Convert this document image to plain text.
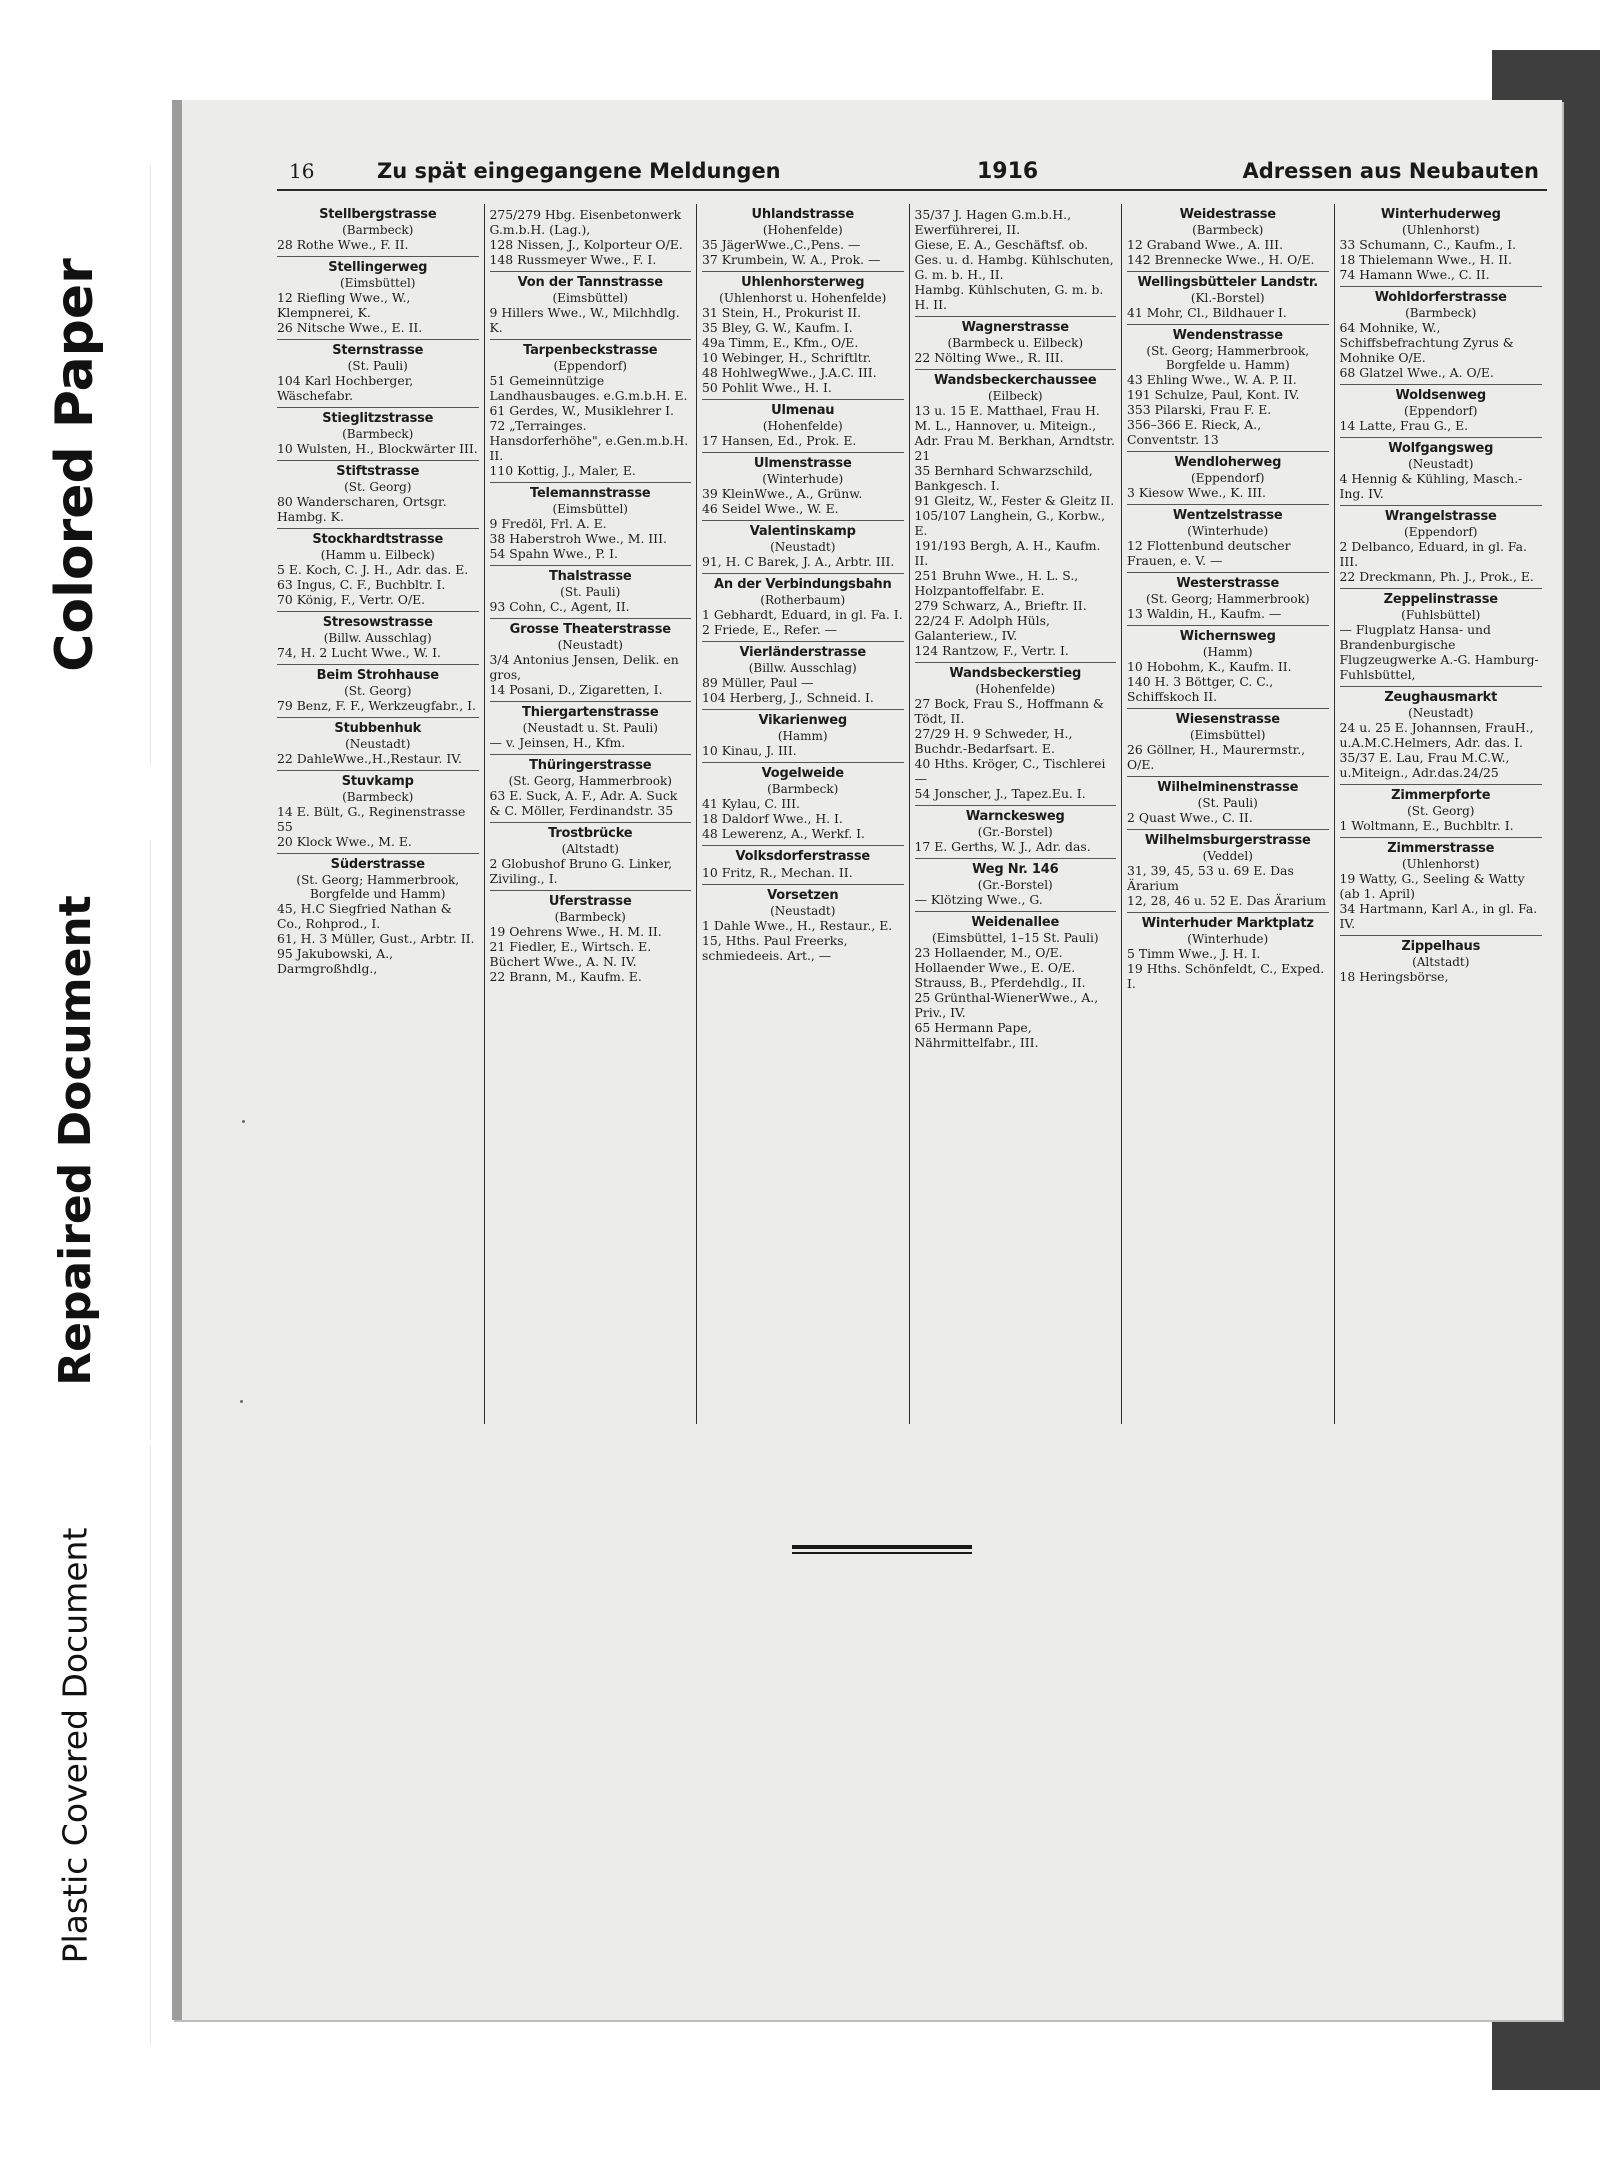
Colored Paper
Repaired Document
Plastic Covered Document
16	Zu spät eingegangene Meldungen	1916	Adressen aus Neubauten
Stellbergstrasse
(Barmbeck)
28 Rothe Wwe., F. II.
Stellingerweg
(Eimsbüttel)
12 Riefling Wwe., W., Klempnerei, K.
26 Nitsche Wwe., E. II.
Sternstrasse
(St. Pauli)
104 Karl Hochberger, Wäschefabr.
Stieglitzstrasse
(Barmbeck)
10 Wulsten, H., Blockwärter III.
Stiftstrasse
(St. Georg)
80 Wanderscharen, Ortsgr. Hambg. K.
Stockhardtstrasse
(Hamm u. Eilbeck)
5 E. Koch, C. J. H., Adr. das. E.
63 Ingus, C. F., Buchbltr. I.
70 König, F., Vertr. O/E.
Stresowstrasse
(Billw. Ausschlag)
74, H. 2 Lucht Wwe., W. I.
Beim Strohhause
(St. Georg)
79 Benz, F. F., Werkzeugfabr., I.
Stubbenhuk
(Neustadt)
22 DahleWwe.,H.,Restaur. IV.
Stuvkamp
(Barmbeck)
14 E. Bült, G., Reginenstrasse 55
20 Klock Wwe., M. E.
Süderstrasse
(St. Georg; Hammerbrook, Borgfelde und Hamm)
45, H.C Siegfried Nathan & Co., Rohprod., I.
61, H. 3 Müller, Gust., Arbtr. II.
95 Jakubowski, A., Darmgroßhdlg.,
275/279 Hbg. Eisenbetonwerk G.m.b.H. (Lag.),
128 Nissen, J., Kolporteur O/E.
148 Russmeyer Wwe., F. I.
Von der Tannstrasse
(Eimsbüttel)
9 Hillers Wwe., W., Milchhdlg. K.
Tarpenbeckstrasse
(Eppendorf)
51 Gemeinnützige Landhausbauges. e.G.m.b.H. E.
61 Gerdes, W., Musiklehrer I.
72 „Terrainges. Hansdorferhöhe", e.Gen.m.b.H. II.
110 Kottig, J., Maler, E.
Telemannstrasse
(Eimsbüttel)
9 Fredöl, Frl. A. E.
38 Haberstroh Wwe., M. III.
54 Spahn Wwe., P. I.
Thalstrasse
(St. Pauli)
93 Cohn, C., Agent, II.
Grosse Theaterstrasse
(Neustadt)
3/4 Antonius Jensen, Delik. en gros,
14 Posani, D., Zigaretten, I.
Thiergartenstrasse
(Neustadt u. St. Pauli)
— v. Jeinsen, H., Kfm.
Thüringerstrasse
(St. Georg, Hammerbrook)
63 E. Suck, A. F., Adr. A. Suck & C. Möller, Ferdinandstr. 35
Trostbrücke
(Altstadt)
2 Globushof Bruno G. Linker, Ziviling., I.
Uferstrasse
(Barmbeck)
19 Oehrens Wwe., H. M. II.
21 Fiedler, E., Wirtsch. E.
Büchert Wwe., A. N. IV.
22 Brann, M., Kaufm. E.
Uhlandstrasse
(Hohenfelde)
35 JägerWwe.,C.,Pens. —
37 Krumbein, W. A., Prok. —
Uhlenhorsterweg
(Uhlenhorst u. Hohenfelde)
31 Stein, H., Prokurist II.
35 Bley, G. W., Kaufm. I.
49a Timm, E., Kfm., O/E.
10 Webinger, H., Schriftltr.
48 HohlwegWwe., J.A.C. III.
50 Pohlit Wwe., H. I.
Ulmenau
(Hohenfelde)
17 Hansen, Ed., Prok. E.
Ulmenstrasse
(Winterhude)
39 KleinWwe., A., Grünw.
46 Seidel Wwe., W. E.
Valentinskamp
(Neustadt)
91, H. C Barek, J. A., Arbtr. III.
An der Verbindungsbahn
(Rotherbaum)
1 Gebhardt, Eduard, in gl. Fa. I.
2 Friede, E., Refer. —
Vierländerstrasse
(Billw. Ausschlag)
89 Müller, Paul —
104 Herberg, J., Schneid. I.
Vikarienweg
(Hamm)
10 Kinau, J. III.
Vogelweide
(Barmbeck)
41 Kylau, C. III.
18 Daldorf Wwe., H. I.
48 Lewerenz, A., Werkf. I.
Volksdorferstrasse
10 Fritz, R., Mechan. II.
Vorsetzen
(Neustadt)
1 Dahle Wwe., H., Restaur., E.
15, Hths. Paul Freerks, schmiedeeis. Art., —
35/37 J. Hagen G.m.b.H., Ewerführerei, II.
Giese, E. A., Geschäftsf. ob. Ges. u. d. Hambg. Kühlschuten, G. m. b. H., II.
Hambg. Kühlschuten, G. m. b. H. II.
Wagnerstrasse
(Barmbeck u. Eilbeck)
22 Nölting Wwe., R. III.
Wandsbeckerchaussee
(Eilbeck)
13 u. 15 E. Matthael, Frau H. M. L., Hannover, u. Miteign., Adr. Frau M. Berkhan, Arndtstr. 21
35 Bernhard Schwarzschild, Bankgesch. I.
91 Gleitz, W., Fester & Gleitz II.
105/107 Langhein, G., Korbw., E.
191/193 Bergh, A. H., Kaufm. II.
251 Bruhn Wwe., H. L. S., Holzpantoffelfabr. E.
279 Schwarz, A., Brieftr. II.
22/24 F. Adolph Hüls, Galanteriew., IV.
124 Rantzow, F., Vertr. I.
Wandsbeckerstieg
(Hohenfelde)
27 Bock, Frau S., Hoffmann & Tödt, II.
27/29 H. 9 Schweder, H., Buchdr.-Bedarfsart. E.
40 Hths. Kröger, C., Tischlerei —
54 Jonscher, J., Tapez.Eu. I.
Warnckesweg
(Gr.-Borstel)
17 E. Gerths, W. J., Adr. das.
Weg Nr. 146
(Gr.-Borstel)
— Klötzing Wwe., G.
Weidenallee
(Eimsbüttel, 1–15 St. Pauli)
23 Hollaender, M., O/E.
Hollaender Wwe., E. O/E.
Strauss, B., Pferdehdlg., II.
25 Grünthal-WienerWwe., A., Priv., IV.
65 Hermann Pape, Nährmittelfabr., III.
Weidestrasse
(Barmbeck)
12 Graband Wwe., A. III.
142 Brennecke Wwe., H. O/E.
Wellingsbütteler Landstr.
(Kl.-Borstel)
41 Mohr, Cl., Bildhauer I.
Wendenstrasse
(St. Georg; Hammerbrook, Borgfelde u. Hamm)
43 Ehling Wwe., W. A. P. II.
191 Schulze, Paul, Kont. IV.
353 Pilarski, Frau F. E.
356–366 E. Rieck, A., Conventstr. 13
Wendloherweg
(Eppendorf)
3 Kiesow Wwe., K. III.
Wentzelstrasse
(Winterhude)
12 Flottenbund deutscher Frauen, e. V. —
Westerstrasse
(St. Georg; Hammerbrook)
13 Waldin, H., Kaufm. —
Wichernsweg
(Hamm)
10 Hobohm, K., Kaufm. II.
140 H. 3 Böttger, C. C., Schiffskoch II.
Wiesenstrasse
(Eimsbüttel)
26 Göllner, H., Maurermstr., O/E.
Wilhelminenstrasse
(St. Pauli)
2 Quast Wwe., C. II.
Wilhelmsburgerstrasse
(Veddel)
31, 39, 45, 53 u. 69 E. Das Ärarium
12, 28, 46 u. 52 E. Das Ärarium
Winterhuder Marktplatz
(Winterhude)
5 Timm Wwe., J. H. I.
19 Hths. Schönfeldt, C., Exped. I.
Winterhuderweg
(Uhlenhorst)
33 Schumann, C., Kaufm., I.
18 Thielemann Wwe., H. II.
74 Hamann Wwe., C. II.
Wohldorferstrasse
(Barmbeck)
64 Mohnike, W., Schiffsbefrachtung Zyrus & Mohnike O/E.
68 Glatzel Wwe., A. O/E.
Woldsenweg
(Eppendorf)
14 Latte, Frau G., E.
Wolfgangsweg
(Neustadt)
4 Hennig & Kühling, Masch.-Ing. IV.
Wrangelstrasse
(Eppendorf)
2 Delbanco, Eduard, in gl. Fa. III.
22 Dreckmann, Ph. J., Prok., E.
Zeppelinstrasse
(Fuhlsbüttel)
— Flugplatz Hansa- und Brandenburgische Flugzeugwerke A.-G. Hamburg-Fuhlsbüttel,
Zeughausmarkt
(Neustadt)
24 u. 25 E. Johannsen, FrauH., u.A.M.C.Helmers, Adr. das. I.
35/37 E. Lau, Frau M.C.W., u.Miteign., Adr.das.24/25
Zimmerpforte
(St. Georg)
1 Woltmann, E., Buchbltr. I.
Zimmerstrasse
(Uhlenhorst)
19 Watty, G., Seeling & Watty (ab 1. April)
34 Hartmann, Karl A., in gl. Fa. IV.
Zippelhaus
(Altstadt)
18 Heringsbörse,
